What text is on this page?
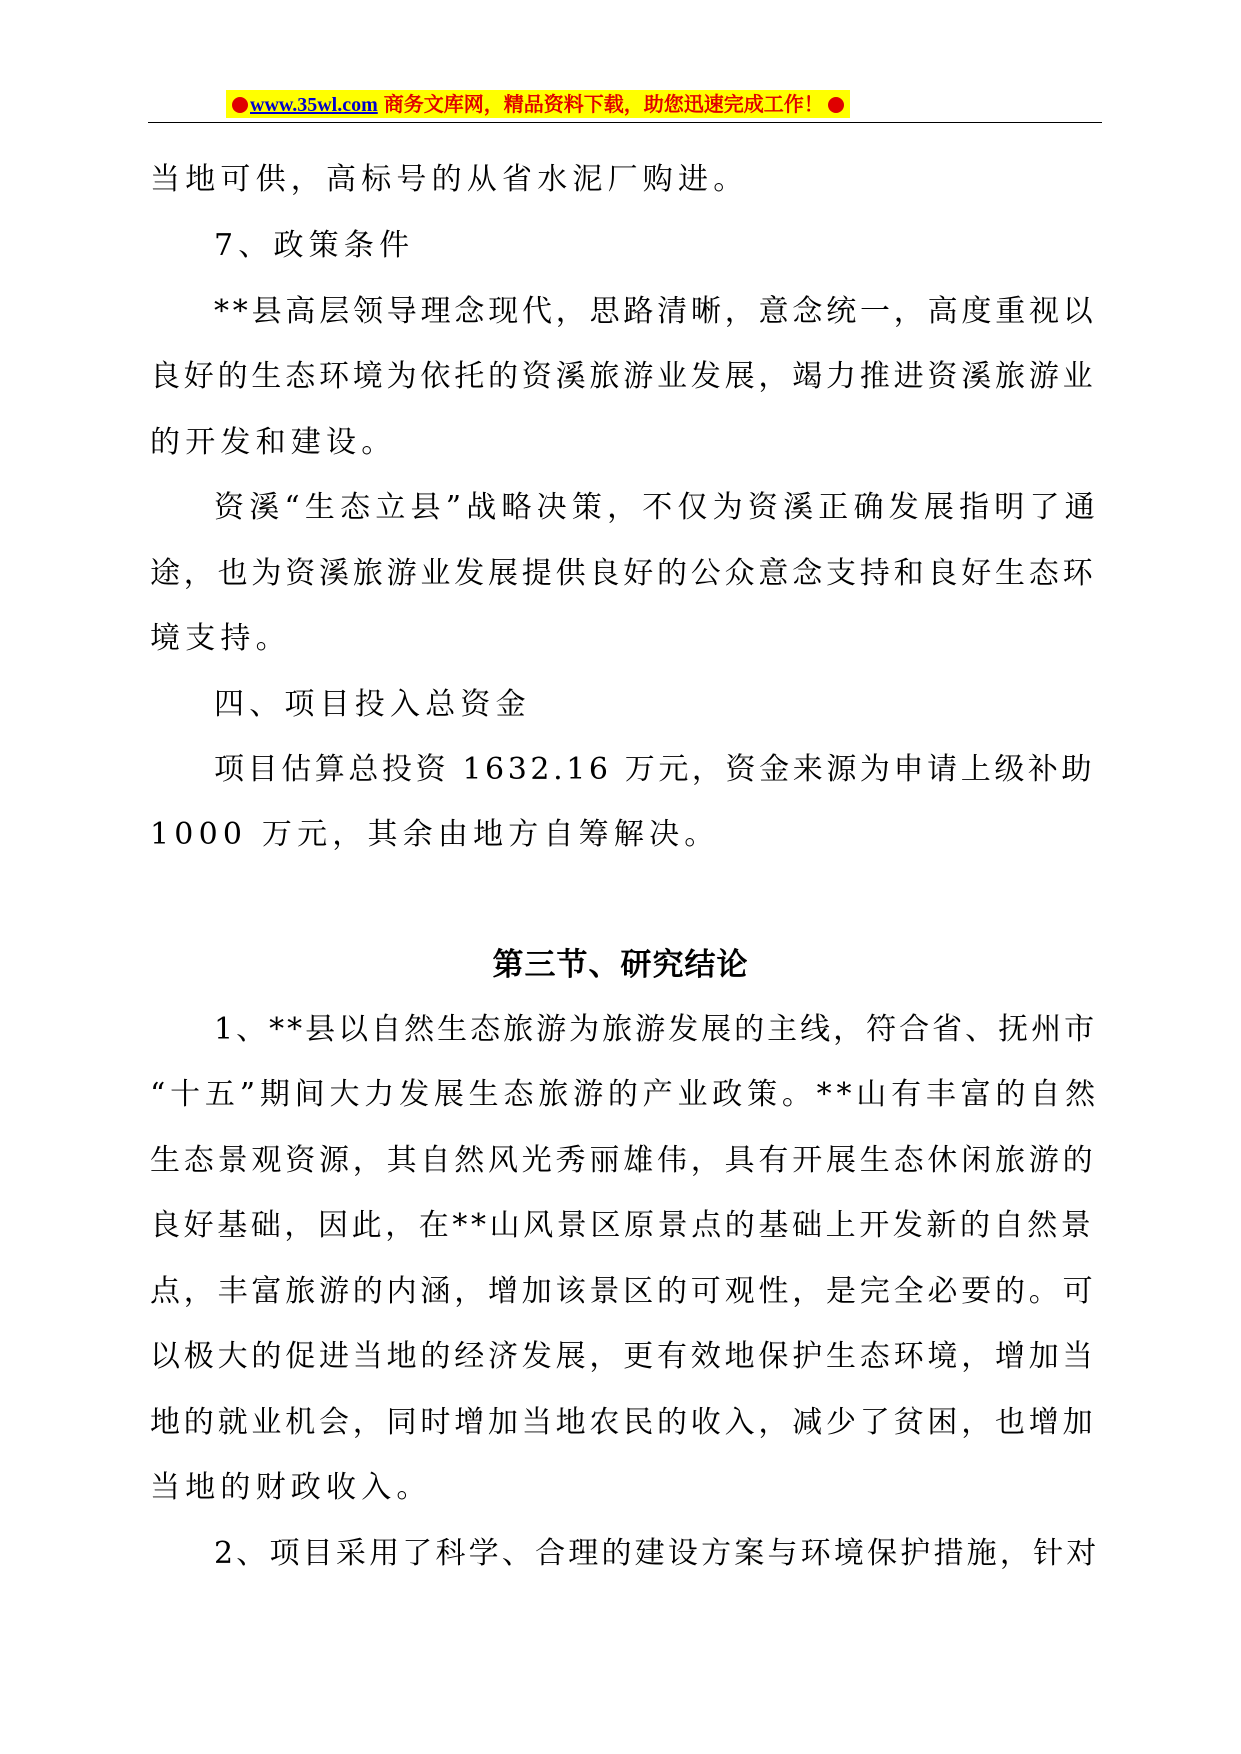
www.35wl.com 商务文库网，精品资料下载，助您迅速完成工作！
当地可供，高标号的从省水泥厂购进。
7、政策条件
**县高层领导理念现代，思路清晰，意念统一，高度重视以
良好的生态环境为依托的资溪旅游业发展，竭力推进资溪旅游业
的开发和建设。
资溪“生态立县”战略决策，不仅为资溪正确发展指明了通
途，也为资溪旅游业发展提供良好的公众意念支持和良好生态环
境支持。
四、项目投入总资金
项目估算总投资 1632.16 万元，资金来源为申请上级补助
1000 万元，其余由地方自筹解决。
第三节、研究结论
1、**县以自然生态旅游为旅游发展的主线，符合省、抚州市
“十五”期间大力发展生态旅游的产业政策。**山有丰富的自然
生态景观资源，其自然风光秀丽雄伟，具有开展生态休闲旅游的
良好基础，因此，在**山风景区原景点的基础上开发新的自然景
点，丰富旅游的内涵，增加该景区的可观性，是完全必要的。可
以极大的促进当地的经济发展，更有效地保护生态环境，增加当
地的就业机会，同时增加当地农民的收入，减少了贫困，也增加
当地的财政收入。
2、项目采用了科学、合理的建设方案与环境保护措施，针对
